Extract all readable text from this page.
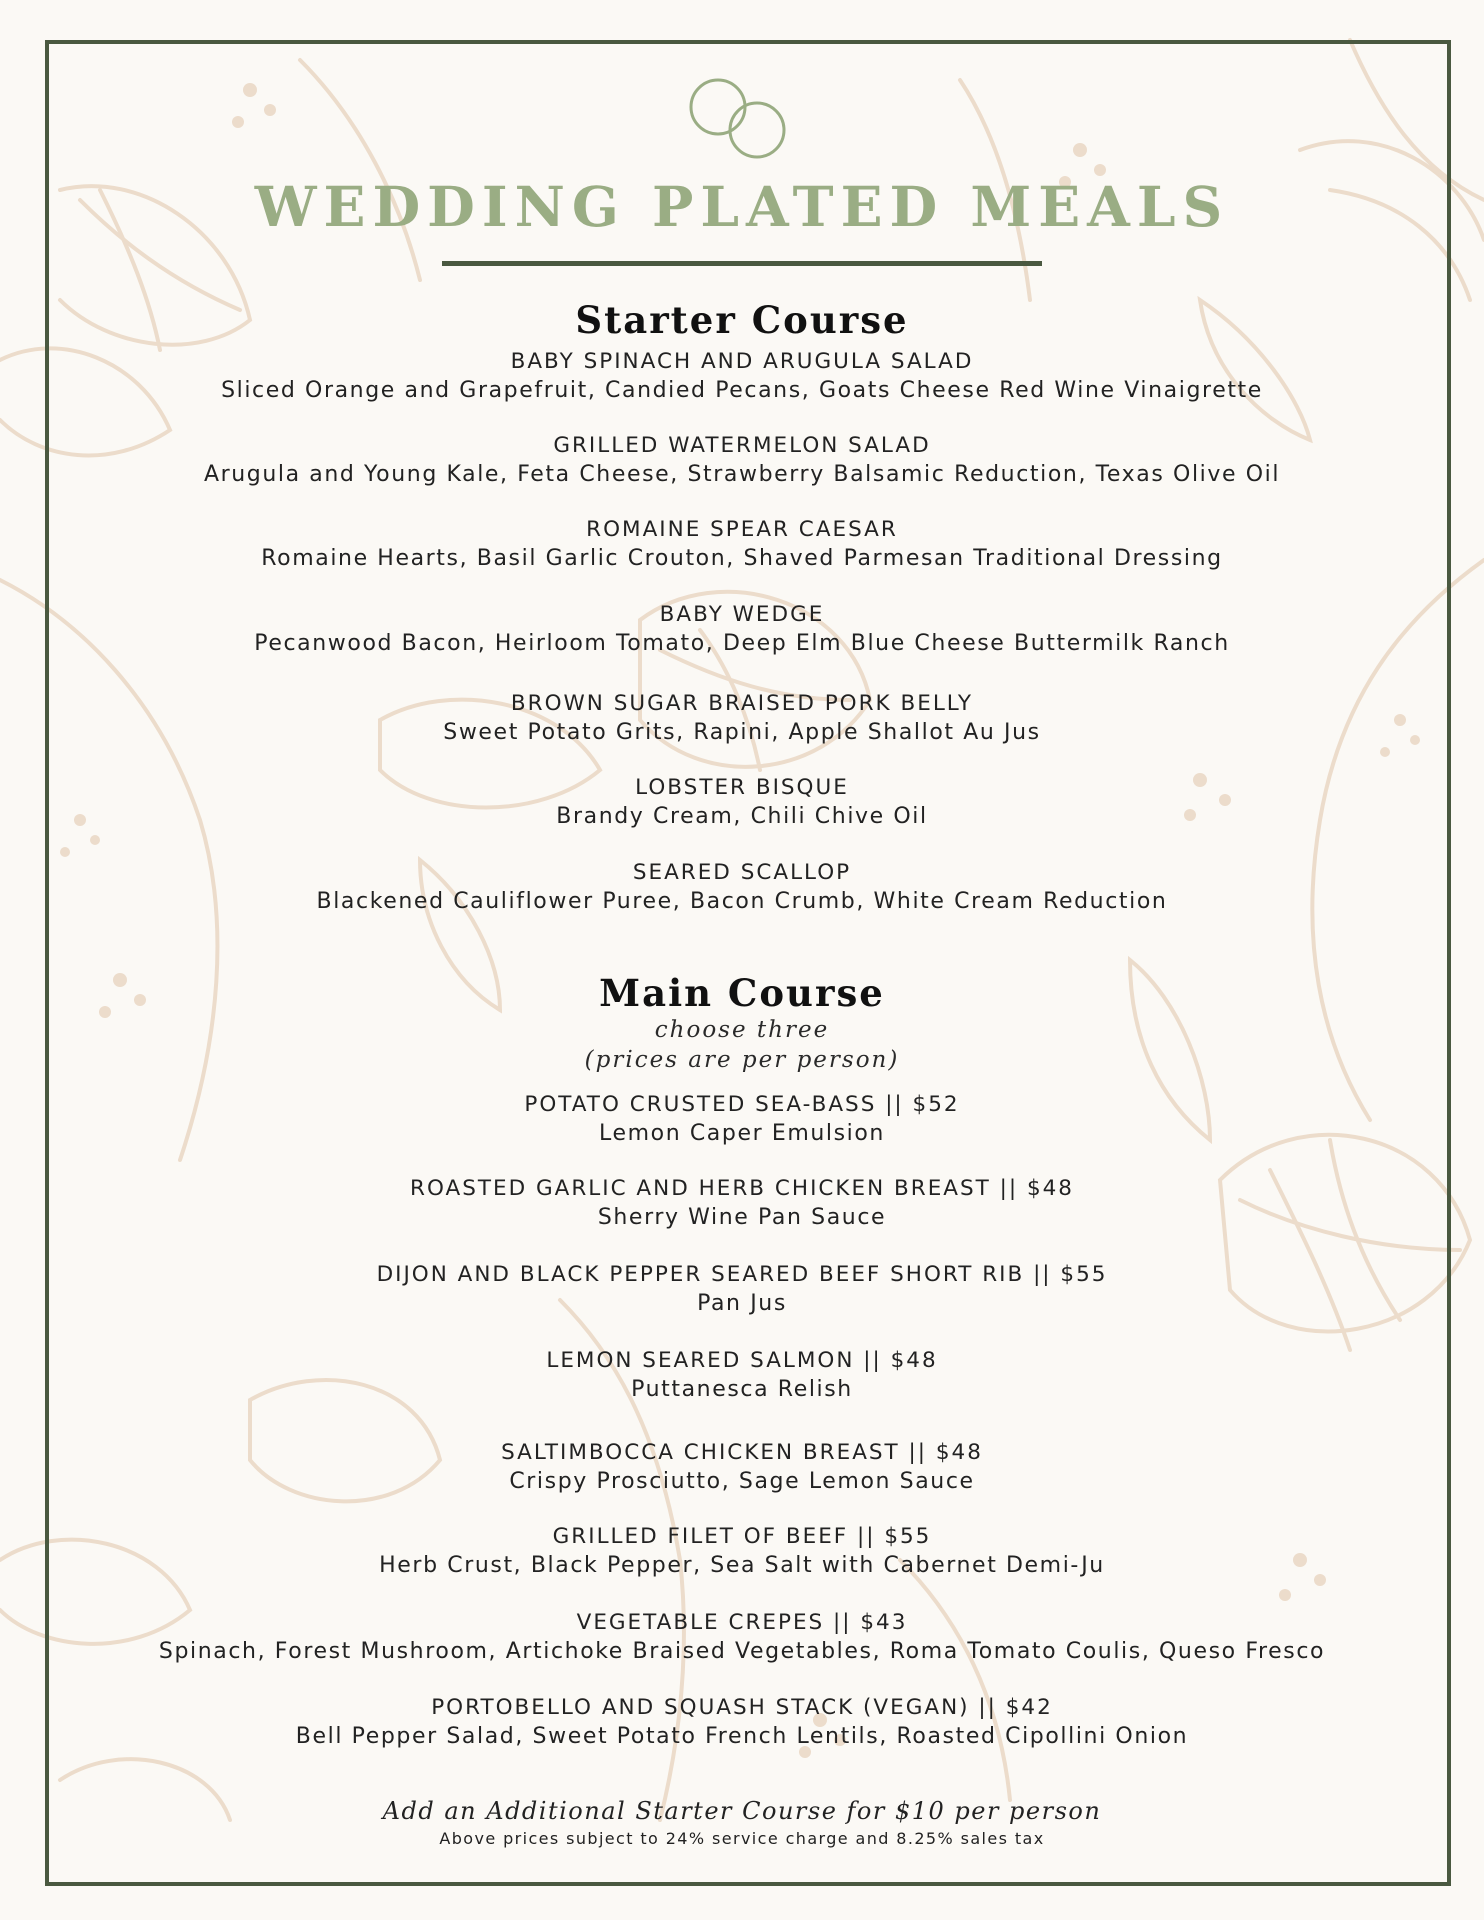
WEDDING PLATED MEALS
Starter Course
BABY SPINACH AND ARUGULA SALAD
Sliced Orange and Grapefruit, Candied Pecans, Goats Cheese Red Wine Vinaigrette
GRILLED WATERMELON SALAD
Arugula and Young Kale, Feta Cheese, Strawberry Balsamic Reduction, Texas Olive Oil
ROMAINE SPEAR CAESAR
Romaine Hearts, Basil Garlic Crouton, Shaved Parmesan Traditional Dressing
BABY WEDGE
Pecanwood Bacon, Heirloom Tomato, Deep Elm Blue Cheese Buttermilk Ranch
BROWN SUGAR BRAISED PORK BELLY
Sweet Potato Grits, Rapini, Apple Shallot Au Jus
LOBSTER BISQUE
Brandy Cream, Chili Chive Oil
SEARED SCALLOP
Blackened Cauliflower Puree, Bacon Crumb, White Cream Reduction
Main Course
choose three
(prices are per person)
POTATO CRUSTED SEA-BASS || $52
Lemon Caper Emulsion
ROASTED GARLIC AND HERB CHICKEN BREAST || $48
Sherry Wine Pan Sauce
DIJON AND BLACK PEPPER SEARED BEEF SHORT RIB || $55
Pan Jus
LEMON SEARED SALMON || $48
Puttanesca Relish
SALTIMBOCCA CHICKEN BREAST || $48
Crispy Prosciutto, Sage Lemon Sauce
GRILLED FILET OF BEEF || $55
Herb Crust, Black Pepper, Sea Salt with Cabernet Demi-Ju
VEGETABLE CREPES || $43
Spinach, Forest Mushroom, Artichoke Braised Vegetables, Roma Tomato Coulis, Queso Fresco
PORTOBELLO AND SQUASH STACK (VEGAN) || $42
Bell Pepper Salad, Sweet Potato French Lentils, Roasted Cipollini Onion
Add an Additional Starter Course for $10 per person
Above prices subject to 24% service charge and 8.25% sales tax
